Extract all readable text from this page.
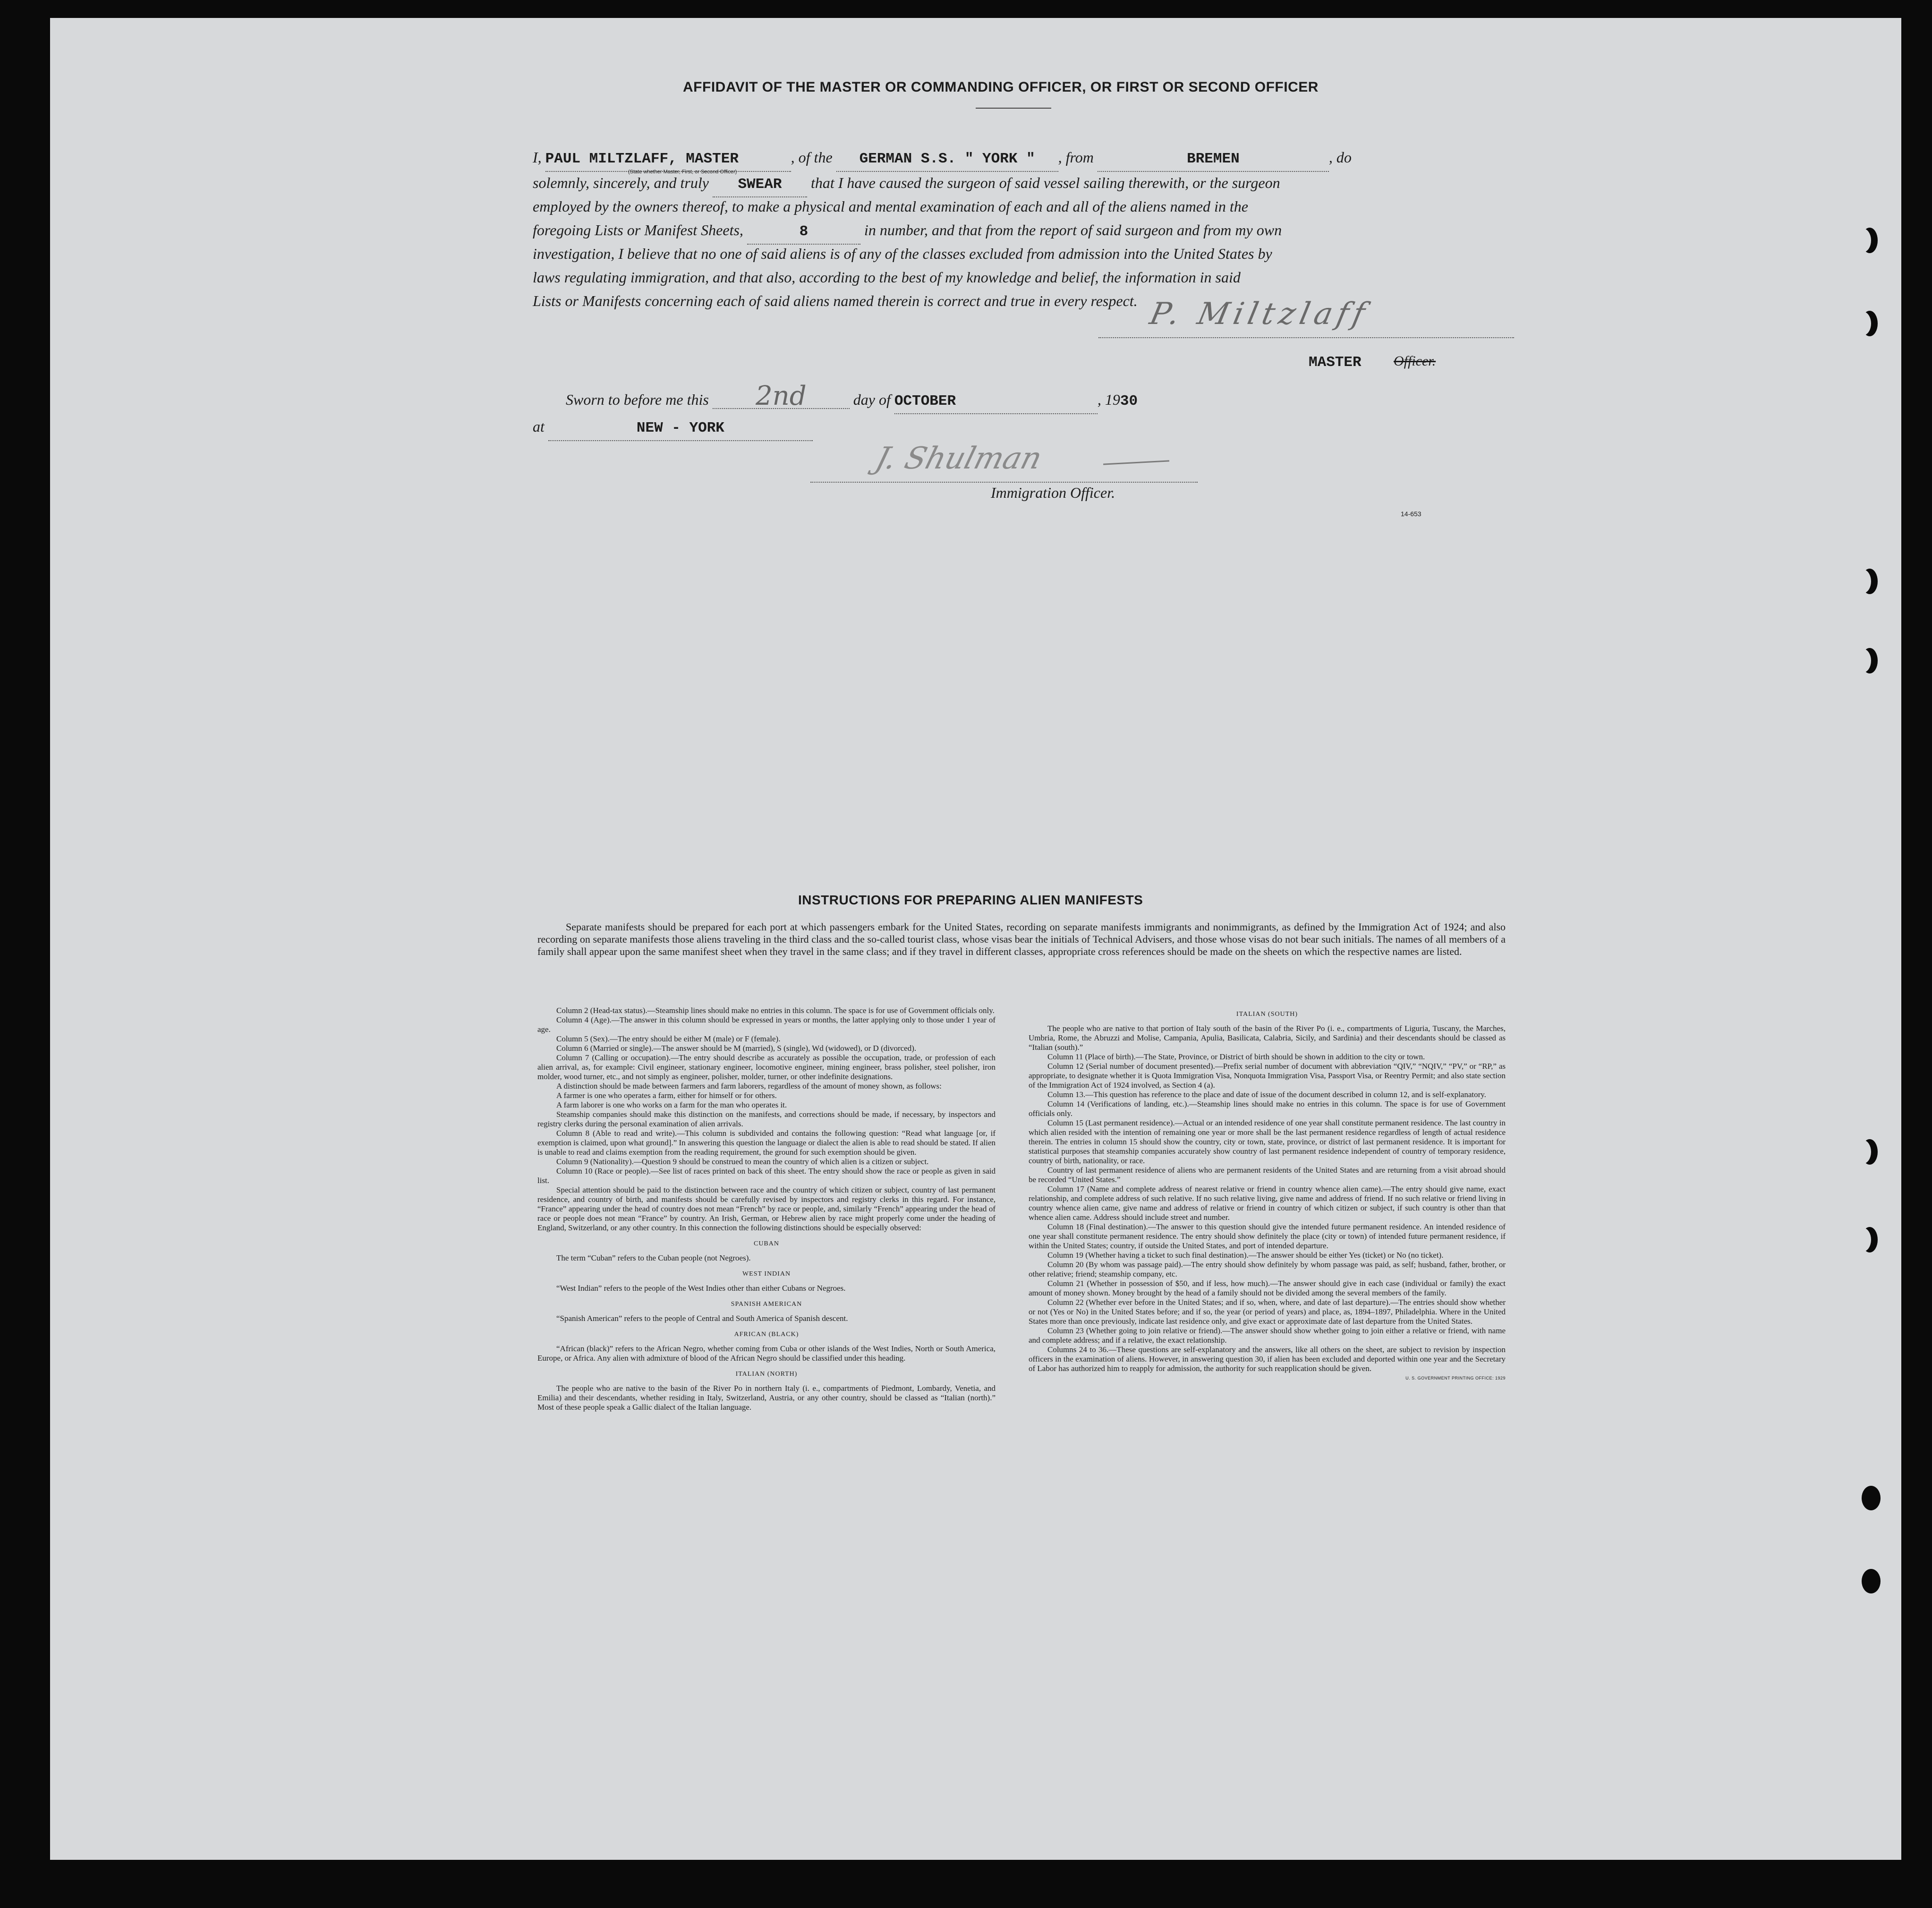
AFFIDAVIT OF THE MASTER OR COMMANDING OFFICER, OR FIRST OR SECOND OFFICER
I, PAUL MILTZLAFF, MASTER	, of the GERMAN S.S. " YORK " , from	BREMEN	, do
(State whether Master, First, or Second Officer)
solemnly, sincerely, and truly SWEAR that I have caused the surgeon of said vessel sailing therewith, or the surgeon
employed by the owners thereof, to make a physical and mental examination of each and all of the aliens named in the
foregoing Lists or Manifest Sheets,	8	in number, and that from the report of said surgeon and from my own
investigation, I believe that no one of said aliens is of any of the classes excluded from admission into the United States by
laws regulating immigration, and that also, according to the best of my knowledge and belief, the information in said
Lists or Manifests concerning each of said aliens named therein is correct and true in every respect. P. Miltzlaff
MASTER Officer.
Sworn to before me this 2nd	day of OCTOBER	, 1930
at	NEW - YORK
J. Shulman
Immigration Officer.
14-653
INSTRUCTIONS FOR PREPARING ALIEN MANIFESTS
Separate manifests should be prepared for each port at which passengers embark for the United States, recording on separate manifests immigrants and nonimmigrants, as defined by the Immigration Act of 1924; and also recording on separate manifests those aliens traveling in the third class and the so-called tourist class, whose visas bear the initials of Technical Advisers, and those whose visas do not bear such initials. The names of all members of a family shall appear upon the same manifest sheet when they travel in the same class; and if they travel in different classes, appropriate cross references should be made on the sheets on which the respective names are listed.

Column 2 (Head-tax status).—Steamship lines should make no entries in this column. The space is for use of Government officials only.

Column 4 (Age).—The answer in this column should be expressed in years or months, the latter applying only to those under 1 year of age.

Column 5 (Sex).—The entry should be either M (male) or F (female).

Column 6 (Married or single).—The answer should be M (married), S (single), Wd (widowed), or D (divorced).

Column 7 (Calling or occupation).—The entry should describe as accurately as possible the occupation, trade, or profession of each alien arrival, as, for example: Civil engineer, stationary engineer, locomotive engineer, mining engineer, brass polisher, steel polisher, iron molder, wood turner, etc., and not simply as engineer, polisher, molder, turner, or other indefinite designations.

A distinction should be made between farmers and farm laborers, regardless of the amount of money shown, as follows:

A farmer is one who operates a farm, either for himself or for others.

A farm laborer is one who works on a farm for the man who operates it.

Steamship companies should make this distinction on the manifests, and corrections should be made, if necessary, by inspectors and registry clerks during the personal examination of alien arrivals.

Column 8 (Able to read and write).—This column is subdivided and contains the following question: “Read what language [or, if exemption is claimed, upon what ground].” In answering this question the language or dialect the alien is able to read should be stated. If alien is unable to read and claims exemption from the reading requirement, the ground for such exemption should be given.

Column 9 (Nationality).—Question 9 should be construed to mean the country of which alien is a citizen or subject.

Column 10 (Race or people).—See list of races printed on back of this sheet. The entry should show the race or people as given in said list.

Special attention should be paid to the distinction between race and the country of which citizen or subject, country of last permanent residence, and country of birth, and manifests should be carefully revised by inspectors and registry clerks in this regard. For instance, “France” appearing under the head of country does not mean “French” by race or people, and, similarly “French” appearing under the head of race or people does not mean “France” by country. An Irish, German, or Hebrew alien by race might properly come under the heading of England, Switzerland, or any other country. In this connection the following distinctions should be especially observed:

CUBAN

The term “Cuban” refers to the Cuban people (not Negroes).

WEST INDIAN

“West Indian” refers to the people of the West Indies other than either Cubans or Negroes.

SPANISH AMERICAN

“Spanish American” refers to the people of Central and South America of Spanish descent.

AFRICAN (BLACK)

“African (black)” refers to the African Negro, whether coming from Cuba or other islands of the West Indies, North or South America, Europe, or Africa. Any alien with admixture of blood of the African Negro should be classified under this heading.

ITALIAN (NORTH)

The people who are native to the basin of the River Po in northern Italy (i. e., compartments of Piedmont, Lombardy, Venetia, and Emilia) and their descendants, whether residing in Italy, Switzerland, Austria, or any other country, should be classed as “Italian (north).” Most of these people speak a Gallic dialect of the Italian language.

ITALIAN (SOUTH)

The people who are native to that portion of Italy south of the basin of the River Po (i. e., compartments of Liguria, Tuscany, the Marches, Umbria, Rome, the Abruzzi and Molise, Campania, Apulia, Basilicata, Calabria, Sicily, and Sardinia) and their descendants should be classed as “Italian (south).”

Column 11 (Place of birth).—The State, Province, or District of birth should be shown in addition to the city or town.

Column 12 (Serial number of document presented).—Prefix serial number of document with abbreviation “QIV,” “NQIV,” “PV,” or “RP,” as appropriate, to designate whether it is Quota Immigration Visa, Nonquota Immigration Visa, Passport Visa, or Reentry Permit; and also state section of the Immigration Act of 1924 involved, as Section 4 (a).

Column 13.—This question has reference to the place and date of issue of the document described in column 12, and is self-explanatory.

Column 14 (Verifications of landing, etc.).—Steamship lines should make no entries in this column. The space is for use of Government officials only.

Column 15 (Last permanent residence).—Actual or an intended residence of one year shall constitute permanent residence. The last country in which alien resided with the intention of remaining one year or more shall be the last permanent residence regardless of length of actual residence therein. The entries in column 15 should show the country, city or town, state, province, or district of last permanent residence. It is important for statistical purposes that steamship companies accurately show country of last permanent residence independent of country of temporary residence, country of birth, nationality, or race.

Country of last permanent residence of aliens who are permanent residents of the United States and are returning from a visit abroad should be recorded “United States.”

Column 17 (Name and complete address of nearest relative or friend in country whence alien came).—The entry should give name, exact relationship, and complete address of such relative. If no such relative living, give name and address of friend. If no such relative or friend living in country whence alien came, give name and address of relative or friend in country of which citizen or subject, if such country is other than that whence alien came. Address should include street and number.

Column 18 (Final destination).—The answer to this question should give the intended future permanent residence. An intended residence of one year shall constitute permanent residence. The entry should show definitely the place (city or town) of intended future permanent residence, if within the United States; country, if outside the United States, and port of intended departure.

Column 19 (Whether having a ticket to such final destination).—The answer should be either Yes (ticket) or No (no ticket).

Column 20 (By whom was passage paid).—The entry should show definitely by whom passage was paid, as self; husband, father, brother, or other relative; friend; steamship company, etc.

Column 21 (Whether in possession of $50, and if less, how much).—The answer should give in each case (individual or family) the exact amount of money shown. Money brought by the head of a family should not be divided among the several members of the family.

Column 22 (Whether ever before in the United States; and if so, when, where, and date of last departure).—The entries should show whether or not (Yes or No) in the United States before; and if so, the year (or period of years) and place, as, 1894–1897, Philadelphia. Where in the United States more than once previously, indicate last residence only, and give exact or approximate date of last departure from the United States.

Column 23 (Whether going to join relative or friend).—The answer should show whether going to join either a relative or friend, with name and complete address; and if a relative, the exact relationship.

Columns 24 to 36.—These questions are self-explanatory and the answers, like all others on the sheet, are subject to revision by inspection officers in the examination of aliens. However, in answering question 30, if alien has been excluded and deported within one year and the Secretary of Labor has authorized him to reapply for admission, the authority for such reapplication should be given.

U. S. GOVERNMENT PRINTING OFFICE: 1929
